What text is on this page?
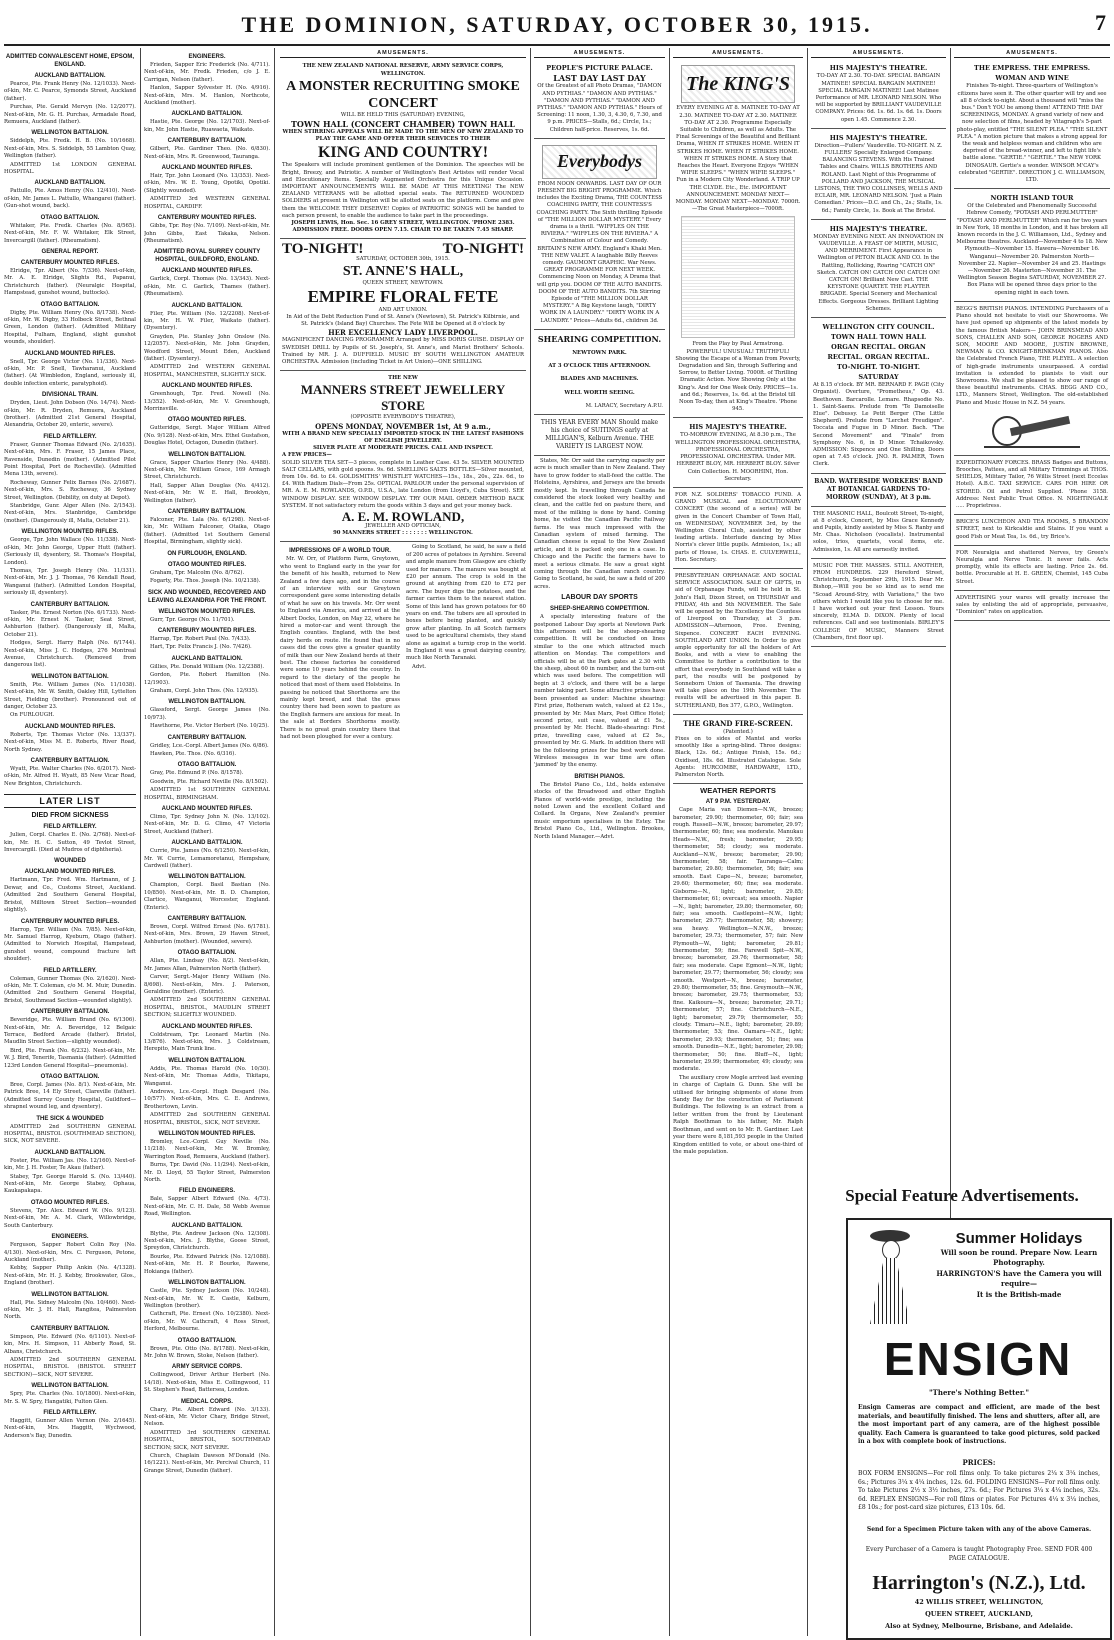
THE DOMINION, SATURDAY, OCTOBER 30, 1915.	7
ADMITTED CONVALESCENT HOME, EPSOM, ENGLAND.
AUCKLAND BATTALION.

Pearce, Pte. Frank Henry (No. 12/1033). Next-of-kin, Mr. C. Pearce, Symonds Street, Auckland (father).

Purchas, Pte. Gerald Mervyn (No. 12/2077). Next-of-kin, Mr. G. H. Purchas, Armadale Road, Remuera, Auckland (father).

WELLINGTON BATTALION.

Siddelph, Pte. Fredk. H. B. (No. 10/1668). Next-of-kin, Mrs. S. Siddelph, 55 Lambton Quay, Wellington (father).

ADMITTED 1st LONDON GENERAL HOSPITAL.

AUCKLAND BATTALION.

Pattullo, Pte. Amos Henry (No. 12/410). Next-of-kin, Mr. James L. Pattullo, Whangarei (father). (Gun-shot wound, back).

OTAGO BATTALION.

Whitaker, Pte. Fredk. Charles (No. 8/565). Next-of-kin, Mr. F. W. Whitaker, Elk Street, Invercargill (father). (Rheumatism).

GENERAL REPORT.
CANTERBURY MOUNTED RIFLES.

Elridge, Tpr. Albert (No. 7/336). Next-of-kin, Mr. A. E. Elridge, Slights Rd., Papanui, Christchurch (father). (Neuralgic Hospital, Hampstead, gunshot wound, buttocks).

OTAGO BATTALION.

Digby, Pte. William Henry (No. 8/1738). Next-of-kin, Mr. W. Digby, 33 Holbeck Street, Bethnal Green, London (father). (Admitted Military Hospital, Fulham, England, slight gunshot wounds, shoulder).

AUCKLAND MOUNTED RIFLES.

Snell, Tpr. George Victor (No. 11/336). Next-of-kin, Mr. P. Snell, Tawharanui, Auckland (father). (At Wimbledon, England, seriously ill, double infection enteric, paratyphoid).

DIVISIONAL TRAIN.

Dryden, Lieut. John Dobson (No. 14/74). Next-of-kin, Mr. R. Dryden, Remuera, Auckland (brother). (Admitted 21st General Hospital, Alexandria, October 20, enteric, severe).

FIELD ARTILLERY.

Fraser, Gunner Thomas Edward (No. 2/1635). Next-of-kin, Mrs. F. Fraser, 15 James Place, Ravenside, Dunedin (mother). (Admitted Pilot Point Hospital, Port de Rocheville). (Admitted Mena 13th, severe).

Rocheway, Gunner Felix Barnes (No. 2/1687). Next-of-kin, Mrs. S. Rocheway, 36 Sydney Street, Wellington. (Debility, on duty at Depot).

Stanbridge, Gunr. Alger Allen (No. 2/1543). Next-of-kin, Mrs. Stanbridge, Cambridge (mother). (Dangerously ill, Malta, October 21).

WELLINGTON MOUNTED RIFLES.

George, Tpr. John Wallace (No. 11/338). Next-of-kin, Mr. John George, Upper Hutt (father). (Seriously ill, dysentery, St. Thomas's Hospital, London).

Thomas, Tpr. Joseph Henry (No. 11/331). Next-of-kin, Mr. J. J. Thomas, 76 Kendall Road, Wanganui (father). (Admitted London Hospital, seriously ill, dysentery).

CANTERBURY BATTALION.

Tasker, Pte. Ernest Norton (No. 6/1733). Next-of-kin, Mr. Ernest N. Tasker, Seat Street, Ashburton (father). (Dangerously ill, Malta, October 21).

Hodges, Sergt. Harry Ralph (No. 6/1744). Next-of-kin, Miss J. C. Hodges, 276 Montreal Avenue, Christchurch. (Removed from dangerous list).

WELLINGTON BATTALION.

Smith, Pte. William James (No. 11/1038). Next-of-kin, Mr. W. Smith, Oakley Hill, Lyttelton Street, Fielding (brother). Pronounced out of danger, October 23.

On FURLOUGH.

AUCKLAND MOUNTED RIFLES.

Roberts, Tpr. Thomas Victor (No. 13/337). Next-of-kin, Miss M. E. Roberts, River Road, North Sydney.

CANTERBURY BATTALION.

Wyatt, Pte. Walter Charles (No. 6/2017). Next-of-kin, Mr. Alfred H. Wyatt, 85 New Vicar Road, New Brighton, Christchurch.

LATER LIST
DIED FROM SICKNESS
FIELD ARTILLERY.

Julien, Corpl. Charles E. (No. 2/768). Next-of-kin, Mr. H. C. Sutton, 49 Tevlot Street, Invercargill. (Died at Mudros of diphtheria).

WOUNDED
AUCKLAND MOUNTED RIFLES.

Hartmann, Tpr. Fred. Wm. Hartmann, of J. Dewar, and Co., Customs Street, Auckland. (Admitted 2nd Southern General Hospital, Bristol, Milltown Street Section—wounded slightly).

CANTERBURY MOUNTED RIFLES.

Harrop, Tpr. William (No. 7/85). Next-of-kin, Mr. Samuel Harrop, Kyeburn, Otago (father). (Admitted to Norwich Hospital, Hampstead, gunshot wound, compound fracture left shoulder).

FIELD ARTILLERY.

Coleman, Gunner Thomas (No. 2/1620). Next-of-kin, Mr. T. Coleman, c/o M. M. Muir, Dunedin. (Admitted 2nd Southern General Hospital, Bristol, Southmead Section—wounded slightly).

CANTERBURY BATTALION.

Beveridge, Pte. William Brand (No. 6/1306). Next-of-kin, Mr. A. Beveridge, 12 Belgaic Terrace, Bedford Arcade (father). Bristol, Maudlin Street Section—slightly wounded).

Bird, Pte. Frank (No. 6/232). Next-of-kin, Mr. W. J. Bird, Tenerife, Tasmania (father). (Admitted 123rd London General Hospital—pneumonia).

OTAGO BATTALION.

Bree, Corpl. James (No. 8/1). Next-of-kin, Mr. Patrick Bree, 14 Ely Street, Clareville (father). (Admitted Surrey County Hospital, Guildford—shrapnel wound leg, and dysentery).

THE SICK & WOUNDED

ADMITTED 2nd SOUTHERN GENERAL HOSPITAL, BRISTOL (SOUTHMEAD SECTION), SICK, NOT SEVERE.

AUCKLAND BATTALION.

Foster, Pte. William Jas. (No. 12/160). Next-of-kin, Mr. J. H. Foster, Te Akau (father).

Stabey, Tpr. George Harold S. (No. 13/440). Next-of-kin, Mr. George Stabey, Ophaua, Kaukapakapa.

OTAGO MOUNTED RIFLES.

Stevens, Tpr. Alex. Edward W. (No. 9/123). Next-of-kin, Mr. A. M. Clark, Willowbridge, South Canterbury.

ENGINEERS.

Ferguson, Sapper Robert Colin Roy (No. 4/130). Next-of-kin, Mrs. C. Ferguson, Petone, Auckland (mother).

Kebby, Sapper Philip Ankin (No. 4/1328). Next-of-kin, Mr. H. J. Kebby, Brookwater, Glos., England (brother).

WELLINGTON BATTALION.

Hall, Pte. Sidney Malcolm (No. 10/460). Next-of-kin, Mr. J. H. Hall, Rangitea, Palmerston North.

CANTERBURY BATTALION.

Simpson, Pte. Edward (No. 6/1101). Next-of-kin, Mrs. H. Simpson, 11 Abberly Road, St. Albans, Christchurch.

ADMITTED 2nd SOUTHERN GENERAL HOSPITAL, BRISTOL (BRISTOL STREET SECTION)—SICK, NOT SEVERE.

WELLINGTON BATTALION.

Spry, Pte. Charles (No. 10/1800). Next-of-kin, Mr. S. W. Spry, Hangatiki, Fulton Glen.

FIELD ARTILLERY.

Haggitt, Gunner Allen Vernon (No. 2/1645). Next-of-kin, Mrs. Haggitt, Wychwood, Anderson's Bay, Dunedin.

ENGINEERS.

Frieden, Sapper Eric Frederick (No. 4/711). Next-of-kin, Mr. Fredk. Frieden, c/o J. E. Carrigan, Nelson (father).

Hanlon, Sapper Sylvester H. (No. 4/916). Next-of-kin, Mrs. M. Hanlon, Northcote, Auckland (mother).

AUCKLAND BATTALION.

Hastie, Pte. George (No. 12/1703). Next-of-kin, Mr. John Hastie, Ruawaeta, Waikato.

CANTERBURY BATTALION.

Gilbert, Pte. Gardiner Theo. (No. 6/830). Next-of-kin, Mrs. R. Greenwood, Tauranga.

AUCKLAND MOUNTED RIFLES.

Hair, Tpr. John Leonard (No. 13/353). Next-of-kin, Mrs. W. E. Young, Opotiki, Opotiki. (Slightly wounded).

ADMITTED 3rd WESTERN GENERAL HOSPITAL, CARDIFF.

CANTERBURY MOUNTED RIFLES.

Gibbs, Tpr. Roy (No. 7/109). Next-of-kin, Mr. John Gibbs, East Takaka, Nelson. (Rheumatism).

ADMITTED ROYAL SURREY COUNTY HOSPITAL, GUILDFORD, ENGLAND.
AUCKLAND MOUNTED RIFLES.

Garlick, Corpl. Thomas (No. 13/343). Next-of-kin, Mr. C. Garlick, Thames (father). (Rheumatism).

AUCKLAND BATTALION.

Filer, Pte. William (No. 12/2208). Next-of-kin, Mr. H. W. Filer, Waikato (father). (Dysentery).

Grayden, Pte. Stanley John Onslow (No. 12/2057). Next-of-kin, Mr. John Grayden, Woodford Street, Mount Eden, Auckland (father). (Dysentery).

ADMITTED 2nd WESTERN GENERAL HOSPITAL, MANCHESTER, SLIGHTLY SICK.

AUCKLAND MOUNTED RIFLES.

Greenhough, Tpr. Fred. Nowell (No. 13/352). Next-of-kin, Mr. V. Greenhough, Morrinsville.

OTAGO MOUNTED RIFLES.

Gutteridge, Sergt. Major William Alfred (No. 9/128). Next-of-kin, Mrs. Ethel Gustafson, Douglas Hotel, Octagon, Dunedin (father).

WELLINGTON BATTALION.

Grace, Sapper Charles Henry (No. 4/488). Next-of-kin, Mr. William Grace, 169 Armagh Street, Christchurch.

Hall, Sapper Allan Douglas (No. 4/412). Next-of-kin, Mr. W. E. Hall, Brooklyn, Wellington (father).

CANTERBURY BATTALION.

Falconer, Pte. Lala (No. 6/1298). Next-of-kin, Mr. William Falconer, Otaika, Otago (father). (Admitted 1st Southern General Hospital, Birmingham, slightly sick).

ON FURLOUGH, ENGLAND.
OTAGO MOUNTED RIFLES.

Graham, Tpr. Malcolm (No. 8/762).

Fogarty, Pte. Thos. Joseph (No. 10/2138).

SICK AND WOUNDED, RECOVERED AND LEAVING ALEXANDRIA FOR THE FRONT.
WELLINGTON MOUNTED RIFLES.

Gurr, Tpr. George (No. 11/701).

CANTERBURY MOUNTED RIFLES.

Harrap, Tpr. Robert Paul (No. 7/433).

Hart, Tpr. Felix Francis J. (No. 7/426).

AUCKLAND BATTALION.

Gillies, Pte. Donald William (No. 12/2388).

Gordon, Pte. Robert Hamilton (No. 12/1903).

Graham, Corpl. John Thos. (No. 12/935).

WELLINGTON BATTALION.

Glassford, Sergt. George James (No. 10/973).

Hawthorne, Pte. Victor Herbert (No. 10/25).

CANTERBURY BATTALION.

Gridley, Lce.-Corpl. Albert James (No. 6/86).

Hawken, Pte. Thos. (No. 6/316).

OTAGO BATTALION.

Gray, Pte. Edmund P. (No. 8/1578).

Goodwin, Pte. Richard Neville (No. 8/1502).

ADMITTED 1st SOUTHERN GENERAL HOSPITAL, BIRMINGHAM.

AUCKLAND MOUNTED RIFLES.

Climo, Tpr. Sydney John N. (No. 13/102). Next-of-kin, Mr. D. G. Climo, 47 Victoria Street, Auckland (father).

AUCKLAND BATTALION.

Currie, Pte. James (No. 6/1250). Next-of-kin, Mr. W. Currie, Lemamoretanui, Hempshaw, Cardwell (father).

WELLINGTON BATTALION.

Champion, Corpl. Basil Bastian (No. 10/850). Next-of-kin, Mr. B. D. Champion, Clartice, Wanganui, Worcester, England. (Enteric).

CANTERBURY BATTALION.

Brown, Corpl. Wilfred Ernest (No. 6/1781). Next-of-kin, Mrs. Brown, 29 Haven Street, Ashburton (mother). (Wounded, severe).

OTAGO BATTALION.

Allan, Pte. Lindsay (No. 8/2). Next-of-kin, Mr. James Allan, Palmerston North (father).

Carver, Sergt.-Major Henry William (No. 8/698). Next-of-kin, Mrs. J. Paterson, Geraldine (mother). (Enteric).

ADMITTED 2nd SOUTHERN GENERAL HOSPITAL, BRISTOL, MAUDLIN STREET SECTION; SLIGHTLY WOUNDED.

AUCKLAND MOUNTED RIFLES.

Coldstream, Tpr. Leonard Martin (No. 13/876). Next-of-kin, Mrs. J. Coldstream, Herepito, Main Trunk line.

WELLINGTON BATTALION.

Addis, Pte. Thomas Harold (No. 10/30). Next-of-kin, Mr. Thomas Addis, Tikitapu, Wanganui.

Andrews, Lce.-Corpl. Hugh Desgard (No. 10/577). Next-of-kin, Mrs. C. E. Andrews, Brothertown, Levin.

ADMITTED 2nd SOUTHERN GENERAL HOSPITAL, BRISTOL, SICK, NOT SEVERE.

WELLINGTON MOUNTED RIFLES.

Bromley, Lce.-Corpl. Guy Neville (No. 11/218). Next-of-kin, Mr. W. Bromley, Warrington Road, Remuera, Auckland (father).

Burns, Tpr. David (No. 11/294). Next-of-kin, Mr. D. Lloyd, 55 Taylor Street, Palmerston North.

FIELD ENGINEERS.

Bale, Sapper Albert Edward (No. 4/73). Next-of-kin, Mr. C. H. Dale, 58 Webb Avenue Road, Wellington.

AUCKLAND BATTALION.

Blythe, Pte. Andrew Jackson (No. 12/308). Next-of-kin, Mrs. J. Blythe, Goose Street, Spreydon, Christchurch.

Bourke, Pte. Edward Patrick (No. 12/1088). Next-of-kin, Mr. H. P. Bourke, Rawene, Hokianga (father).

WELLINGTON BATTALION.

Castle, Pte. Sydney Jackson (No. 10/248). Next-of-kin, Mr. W. E. Castle, Kelburn, Wellington (brother).

Cathcraft, Pte. Ernest (No. 10/2380). Next-of-kin, Mr. W. Cathcraft, 4 Ross Street, Herford, Melbourne.

OTAGO BATTALION.

Brown, Pte. Otto (No. 8/1788). Next-of-kin, Mr. John W. Brown, Stoke, Nelson (father).

ARMY SERVICE CORPS.

Collingwood, Driver Arthur Herbert (No. 14/18). Next-of-kin, Miss E. Collingwood, 11 St. Stephen's Road, Battersea, London.

MEDICAL CORPS.

Chary, Pte. Albert Edward (No. 3/133). Next-of-kin, Mr. Victor Chary, Bridge Street, Nelson.

ADMITTED 3rd SOUTHERN GENERAL HOSPITAL, BRISTOL, SOUTHMEAD SECTION; SICK, NOT SEVERE.

Church, Chaplain Dawson M'Donald (No. 16/1221). Next-of-kin, Mr. Percival Church, 11 Grange Street, Dunedin (father).

AMUSEMENTS.
THE NEW ZEALAND NATIONAL RESERVE, ARMY SERVICE CORPS, WELLINGTON.
A MONSTER RECRUITING SMOKE CONCERT
WILL BE HELD THIS (SATURDAY) EVENING,
TOWN HALL (CONCERT CHAMBER) TOWN HALL
WHEN STIRRING APPEALS WILL BE MADE TO THE MEN OF NEW ZEALAND TO PLAY THE GAME AND OFFER THEIR SERVICES TO THEIR
KING AND COUNTRY!
The Speakers will include prominent gentlemen of the Dominion. The speeches will be Bright, Breezy, and Patriotic. A number of Wellington's Best Artistes will render Vocal and Elocutionary Items. Specially Augmented Orchestra for this Unique Occasion. IMPORTANT ANNOUNCEMENTS WILL BE MADE AT THIS MEETING! The NEW ZEALAND VETERANS will be allotted special seats. The RETURNED WOUNDED SOLDIERS at present in Wellington will be allotted seats on the platform. Come and give them the WELCOME THEY DESERVE! Copies of PATRIOTIC SONGS will be handed to each person present, to enable the audience to take part in the proceedings.
JOSEPH LEWIS, Hon. Sec. 16 GREY STREET, WELLINGTON. 'PHONE 2383.
ADMISSION FREE. DOORS OPEN 7.15. CHAIR TO BE TAKEN 7.45 SHARP.
TO-NIGHT!	TO-NIGHT!
SATURDAY, OCTOBER 30th, 1915.
ST. ANNE'S HALL,
QUEEN STREET, NEWTOWN.
EMPIRE FLORAL FETE
AND ART UNION.
In Aid of the Debt Reduction Fund of St. Anne's (Newtown), St. Patrick's Kilbirnie, and St. Patrick's (Island Bay) Churches. The Fete Will be Opened at 8 o'clock by
HER EXCELLENCY LADY LIVERPOOL.
MAGNIFICENT DANCING PROGRAMME Arranged by MISS DORIS GUISE. DISPLAY OF SWEDISH DRILL by Pupils of St. Joseph's, St. Anne's, and Marist Brothers' Schools. Trained by MR. J. A. DUFFIELD. MUSIC BY SOUTH WELLINGTON AMATEUR ORCHESTRA. Admission (including Ticket in Art Union)—ONE SHILLING.
THE NEW
MANNERS STREET JEWELLERY STORE
(OPPOSITE EVERYBODY'S THEATRE),
OPENS MONDAY, NOVEMBER 1st, At 9 a.m.,
WITH A BRAND NEW SPECIALLY IMPORTED STOCK IN THE LATEST FASHIONS OF ENGLISH JEWELLERY.
SILVER PLATE AT MODERATE PRICES. CALL AND INSPECT.
A FEW PRICES—
SOLID SILVER TEA SET—3 pieces, complete in Leather Case. 43 5s. SILVER MOUNTED SALT CELLARS, with gold spoons. 9s. 6d. SMELLING SALTS BOTTLES—Silver mounted, from 10s. 6d. to £4. GOLDSMITHS' WRISTLET WATCHES—15s., 18s., 20s., 22s. 6d., to £4. With Radium Dials—From 25s. OPTICAL PARLOUR under the personal supervision of MR. A. E. M. ROWLANDS, O.P.D., U.S.A., late London (from Lloyd's, Cuba Street). SEE WINDOW DISPLAY. SEE WINDOW DISPLAY. TRY OUR MAIL ORDER METHOD BACK SYSTEM. If not satisfactory return the goods within 3 days and get your money back.
A. E. M. ROWLAND,
JEWELLER AND OPTICIAN,
90 MANNERS STREET : : : : : : : WELLINGTON.
IMPRESSIONS OF A WORLD TOUR.

Mr. W. Orr, of Platform Farm, Greytown, who went to England early in the year for the benefit of his health, returned to New Zealand a few days ago, and in the course of an interview with our Greytown correspondent gave some interesting details of what he saw on his travels. Mr. Orr went to England via America, and arrived at the Albert Docks, London, on May 22, where he hired a motor-car and went through the English counties. England, with the best dairy herds on route. He found that in no cases did the cows give a greater quantity of milk than our New Zealand herds at their best. The cheese factories he considered were some 10 years behind the country. In regard to the dietary of the people he noticed that most of them used Holsteins. In passing he noticed that Shorthorns are the mainly kept breed, and that the grass country there had been sown to pasture as the English farmers are anxious for meat. In the sale at Borders Shorthorns mostly. There is no great grain country there that had not been ploughed for ever a century.

Going to Scotland, he said, he saw a field of 200 acres of potatoes in Ayrshire. Several and ample manure from Glasgow are chiefly used for manure. The manure was bought at £20 per annum. The crop is sold in the ground at anything from £20 to £72 per acre. The buyer digs the potatoes, and the farmer carries them to the nearest station. Some of this land has grown potatoes for 60 years on end. The tubers are all sprouted in boxes before being planted, and quickly grow after planting. In all Scotch farmers used to be agricultural chemists, they stand alone as against a turnip crop in the world. In England it was a great dairying country, much like North Taranaki.

Advt.

AMUSEMENTS.
PEOPLE'S PICTURE PALACE.
LAST DAY LAST DAY
Of the Greatest of all Photo Dramas, "DAMON AND PYTHIAS." "DAMON AND PYTHIAS." "DAMON AND PYTHIAS." "DAMON AND PYTHIAS." "DAMON AND PYTHIAS." Hours of Screening: 11 noon, 1.30, 3, 4.30, 6, 7.30, and 9 p.m. PRICES—Stalls, 6d.; Circle, 1s.; Children half-price. Reserves, 1s. 6d.
Everybodys
FROM NOON ONWARDS. LAST DAY OF OUR PRESENT BIG BRIGHT PROGRAMME. Which includes the Exciting Drama, THE COUNTESS COACHING PARTY, THE COUNTESS'S COACHING PARTY. The Sixth thrilling Episode of "THE MILLION DOLLAR MYSTERY." Every drama is a thrill. "WIFFLES ON THE RIVIERA." "WIFFLES ON THE RIVIERA." A Combination of Colour and Comedy. BRITAIN'S NEW ARMY. England's Khaki Men. THE NEW VALET. A laughable Billy Reeves comedy. GAUMONT GRAPHIC. War News. GREAT PROGRAMME FOR NEXT WEEK. Commencing Noon on Monday, A Drama that will grip you. DOOM OF THE AUTO BANDITS. DOOM OF THE AUTO BANDITS. 7th Stirring Episode of "THE MILLION DOLLAR MYSTERY." A Big Keystone laugh, "DIRTY WORK IN A LAUNDRY." "DIRTY WORK IN A LAUNDRY." Prices—Adults 6d., children 3d.
SHEARING COMPETITION.
NEWTOWN PARK.
AT 3 O'CLOCK THIS AFTERNOON.
BLADES AND MACHINES.
WELL WORTH SEEING.
M. LARACY, Secretary A.P.U.
THIS YEAR EVERY MAN Should make his choice of SUITINGS early at MILLIGAN'S, Kelburn Avenue. THE VARIETY IS LARGEST NOW.

States, Mr. Orr said the carrying capacity per acre is much smaller than in New Zealand. They have to grow fodder to stall-feed the cattle. The Holsteins, Ayrshires, and Jerseys are the breeds mostly kept. In travelling through Canada he considered the stock looked very healthy and clean, and the cattle fed on pasture there, and most of the milking is done by hand. Coming home, he visited the Canadian Pacific Railway farms. He was much impressed with the Canadian system of mixed farming. The Canadian cheese is equal to the New Zealand article, and it is packed only one in a case. In Chicago and the Pacific the farmers have to meet a serious climate. He saw a great sight coming through the Canadian ranch country. Going to Scotland, he said, he saw a field of 200 acres.

LABOUR DAY SPORTS
SHEEP-SHEARING COMPETITION.

A specially interesting feature of the postponed Labour Day sports at Newtown Park this afternoon will be the sheep-shearing competition. It will be conducted on lines similar to the one which attracted much attention on Monday. The competitors and officials will be at the Park gates at 2.30 with the sheep, about 60 in number, and the turn-out which was used before. The competition will begin at 3 o'clock, and there will be a large number taking part. Some attractive prizes have been presented as under: Machine shearing: First prize, Rotheram watch, valued at £2 15s., presented by Mr. Max Marx, Post Office Hotel; second prize, suit case, valued at £1 5s., presented by Mr. Hecht. Blade-shearing: First prize, travelling case, valued at £2 5s., presented by Mr. G. Mark. In addition there will be the following prizes for the best work done. Wireless messages in war time are often 'jammed' by the enemy.

BRITISH PIANOS.

The Bristol Piano Co., Ltd., holds extensive stocks of the Broadwood and other English Pianos of world-wide prestige, including the noted Lowen and the excellent Collard and Collard. In Organs, New Zealand's premier music emporium specialises in the Estey. The Bristol Piano Co., Ltd., Wellington. Brookes, North Island Manager.—Advt.

AMUSEMENTS.
The KING'S
EVERY EVENING AT 8. MATINEE TO-DAY AT 2.30. MATINEE TO-DAY AT 2.30. MATINEE TO-DAY AT 2.30. Programme Especially Suitable to Children, as well as Adults. The Final Screenings of the Beautiful and Brilliant Drama, WHEN IT STRIKES HOME. WHEN IT STRIKES HOME. WHEN IT STRIKES HOME. WHEN IT STRIKES HOME. A Story that Reaches the Heart. Everyone Enjoys "WHEN WIFIE SLEEPS." "WHEN WIFIE SLEEPS." Fun in a Modern City Wonderland. A TRIP UP THE CLYDE. Etc., Etc. IMPORTANT ANNOUNCEMENT. MONDAY NEXT—MONDAY. MONDAY NEXT—MONDAY. 7000ft.—The Great Masterpiece—7000ft.
From the Play by Paul Armstrong. POWERFUL! UNUSUAL! TRUTHFUL! Showing the Escape of a Woman from Poverty, Degradation and Sin, through Suffering and Sorrow, to Better Living. 7000ft. of Thrilling Dramatic Action. Now Showing Only at the King's. And for One Week Only. PRICES—1s. and 6d.; Reserves, 1s. 6d. at the Bristol till Noon To-day, then at King's Theatre. 'Phone 945.
HIS MAJESTY'S THEATRE.
TO-MORROW EVENING, At 8.30 p.m., The WELLINGTON PROFESSIONAL ORCHESTRA, PROFESSIONAL ORCHESTRA, PROFESSIONAL ORCHESTRA. Under MR. HERBERT BLOY, MR. HERBERT BLOY. Silver Coin Collection. H. MOORHINI, Hon. Secretary.
FOR N.Z. SOLDIERS' TOBACCO FUND. A GRAND MUSICAL and ELOCUTIONARY CONCERT (the second of a series) will be given in the Concert Chamber of Town Hall, on WEDNESDAY, NOVEMBER 3rd, by the Wellington Choral Club, assisted by other leading artists. Interlude dancing by Miss Norris's clever little pupils. Admission, 1s.; all parts of House, 1s. CHAS. E. CULVERWELL, Hon. Secretary.
PRESBYTERIAN ORPHANAGE AND SOCIAL SERVICE ASSOCIATION. SALE OF GIFTS, in aid of Orphanage Funds, will be held in St. John's Hall, Dixon Street, on THURSDAY and FRIDAY, 4th and 5th NOVEMBER. The Sale will be opened by the Excellency the Countess of Liverpool on Thursday, at 3 p.m. ADMISSION—Afternoon, Free. Evening, Sixpence. CONCERT EACH EVENING. SOUTHLAND ART UNION. In Order to give ample opportunity for all the holders of Art Books, and with a view to enabling the Committee to further a contribution to the effort that everybody in Southland will take a part, the results will be postponed by Sonneborn Union of Tasmania. The drawing will take place on the 19th November. The results will be advertised in this paper. B. SUTHERLAND, Box 377, G.P.O., Wellington.
THE GRAND FIRE-SCREEN.
(Patented.)
Fixes on to sides of Mantel and works smoothly like a spring-blind. Three designs: Black, 12s. 6d.; Antique Finish, 15s. 6d.; Oxidised, 18s. 6d. Illustrated Catalogue. Sole Agents: HURCOMBE, HARDWARE, LTD., Palmerston North.
WEATHER REPORTS
AT 9 P.M. YESTERDAY.

Cape Maria van Diemen—N.W., breeze; barometer, 29.90; thermometer, 60; fair; sea rough. Russell—N.W., breeze; barometer, 29.97; thermometer, 60; fine; sea moderate. Manukau Heads—N.W., fresh; barometer, 29.95; thermometer, 58; cloudy; sea moderate. Auckland—N.W., breeze; barometer, 29.90; thermometer, 58; fair. Tauranga—Calm; barometer, 29.80; thermometer, 56; fair; sea smooth. East Cape—N., breeze; barometer, 29.60; thermometer, 60; fine; sea moderate. Gisborne—N., light; barometer, 29.85; thermometer, 61; overcast; sea smooth. Napier—N., light; barometer, 29.80; thermometer, 60; fair; sea smooth. Castlepoint—N.W., light; barometer, 29.77; thermometer, 58; showery; sea heavy. Wellington—N.N.W., breeze; barometer, 29.73; thermometer, 57; fair. New Plymouth—W., light; barometer, 29.81; thermometer, 59; fine. Farewell Spit—N.W., breeze; barometer, 29.76; thermometer, 58; fair; sea moderate. Cape Egmont—N.W., light; barometer, 29.77; thermometer, 56; cloudy; sea smooth. Westport—N., breeze; barometer, 29.80; thermometer, 55; fine. Greymouth—N.W., breeze; barometer, 29.75; thermometer, 53; fine. Kaikoura—N., breeze; barometer, 29.71; thermometer, 57; fine. Christchurch—N.E., light; barometer, 29.79; thermometer, 55; cloudy. Timaru—N.E., light; barometer, 29.89; thermometer, 53; fine. Oamaru—N.E., light; barometer, 29.93; thermometer, 51; fine; sea smooth. Dunedin—N.E., light; barometer, 29.98; thermometer, 50; fine. Bluff—N., light; barometer, 29.99; thermometer, 49; cloudy; sea moderate.

The auxiliary crow Mogle arrived last evening in charge of Captain G. Dunn. She will be utilised for bringing shipments of stone from Sandy Bay for the construction of Parliament Buildings. The following is an extract from a letter written from the front by Lieutenant Ralph Boothman to his father, Mr. Ralph Boothman, and sent on to Mr. R. Gardiner. Last year there were 8,181,593 people in the United Kingdom entitled to vote, or about one-third of the male population.

AMUSEMENTS.
HIS MAJESTY'S THEATRE.
TO-DAY AT 2.30. TO-DAY. SPECIAL BARGAIN MATINEE! SPECIAL BARGAIN MATINEE! SPECIAL BARGAIN MATINEE! Last Matinee Performance of MR. LEONARD NELSON. Who will be supported by BRILLIANT VAUDEVILLE COMPANY. Prices: 6d. 1s. 6d. 1s. 6d. 1s. Doors open 1.45. Commence 2.30.
HIS MAJESTY'S THEATRE.
Direction—Fullers' Vaudeville. TO-NIGHT. N. Z. FULLERS' Specially Enlarged Company. BALANCING STEVENS. With His Trained Tables and Chairs. WILLS BROTHERS AND ROLAND. Last Night of this Programme of POLLARD AND JACKSON, THE MUSICAL LISTONS, THE TWO COLLINSES, WELLS AND ECLAIR, MR. LEONARD NELSON. 'Just a Plain Comedian.' Prices—D.C. and Ch., 2s.; Stalls, 1s. 6d.; Family Circle, 1s. Book at The Bristol.
HIS MAJESTY'S THEATRE.
MONDAY EVENING NEXT. AN INNOVATION IN VAUDEVILLE. A FEAST OF MIRTH, MUSIC, AND MERRIMENT. First Appearance in Wellington of PETON BLACK AND CO. In the Rattling, Rollicking, Roaring "CATCH ON" Sketch. CATCH ON! CATCH ON! CATCH ON! CATCH ON! Brilliant New Cast. THE KEYSTONE QUARTET. THE FLAYTER BRIGADE. Special Scenery and Mechanical Effects. Gorgeous Dresses. Brilliant Lighting Schemes.
WELLINGTON CITY COUNCIL.
TOWN HALL TOWN HALL
ORGAN RECITAL. ORGAN RECITAL. ORGAN RECITAL.
TO-NIGHT. TO-NIGHT.
SATURDAY
At 8.15 o'clock. BY MR. BERNARD F. PAGE (City Organist). Overture, "Prometheus," Op. 43. Beethoven. Barcarolle. Lemare. Rhapsodie No. 1. Saint-Saens. Prelude from "Te Damoiselle Elue". Debussy. Le Petit Berger (The Little Shepherd). Prelude from "Lerchet Freudigen". Toccata and Fugue in D Minor. Bach. "The Second Movement" and "Finale" from Symphony No. 6, in D Minor. Tchaikovsky. ADMISSION: Sixpence and One Shilling. Doors open at 7.45 o'clock. JNO. R. PALMER, Town Clerk.
BAND. WATERSIDE WORKERS' BAND AT BOTANICAL GARDENS TO-MORROW (SUNDAY), At 3 p.m.
THE MASONIC HALL, Boulcott Street, To-night, at 8 o'clock, Concert, by Miss Grace Kennedy and Pupils, kindly assisted by Miss S. Ranby and Mr. Chas. Nicholson (vocalists). Instrumental solos, trios, quartets, vocal items, etc. Admission, 1s. All are earnestly invited.
MUSIC FOR THE MASSES. STILL ANOTHER, FROM HUNDREDS. 229 Hereford Street, Christchurch, September 29th, 1915. Dear Mr. Bishop,—Will you be so kind as to send me "Scoad Around-Stry, with Variations," the two others which I would like you to choose for me. I have worked out your first Lesson. Yours sincerely, ELMA D. DIXON. Plenty of local references. Call and see testimonials. BIRLEY'S COLLEGE OF MUSIC, Manners Street (Chambers, first floor up).
AMUSEMENTS.
THE EMPRESS. THE EMPRESS.
WOMAN AND WINE
Finishes To-night. Three-quarters of Wellington's citizens have seen it. The other quarter will try and see all 8 o'clock to-night. About a thousand will "miss the bus." Don't YOU be among them! ATTEND THE DAY SCREENINGS, MONDAY. A grand variety of new and now selection of films, headed by Vitagraph's 5-part photo-play, entitled "THE SILENT PLEA." "THE SILENT PLEA." A motion picture that makes a strong appeal for the weak and helpless woman and children who are deprived of the bread-winner, and left to fight life's battle alone. "GERTIE." "GERTIE." The NEW YORK DINOSAUR. Gertie's a wonder. WINSOR M'CAY's celebrated "GERTIE". DIRECTION J. C. WILLIAMSON, LTD.
NORTH ISLAND TOUR
Of the Celebrated and Phenomenally Successful Hebrew Comedy, "POTASH AND PERLMUTTER" "POTASH AND PERLMUTTER" Which ran for two years in New York, 18 months in London, and it has broken all known records in the J. C. Williamson, Ltd., Sydney and Melbourne theatres. Auckland—November 4 to 18. New Plymouth—November 15. Hawera—November 16. Wanganui—November 20. Palmerston North—November 22. Napier—November 24 and 25. Hastings—November 26. Masterton—November 31. The Wellington Season Begins SATURDAY, NOVEMBER 27. Box Plans will be opened three days prior to the opening night in each town.
BEGG'S BRITISH PIANOS. INTENDING Purchasers of a Piano should not hesitate to visit our Showrooms. We have just opened up shipments of the latest models by the famous British Makers— JOHN BRINSMEAD AND SONS, CHALLEN AND SON, GEORGE ROGERS AND SON, MOORE AND MOORE, JUSTIN BROWNE, NEWMAN & CO. KNIGHT-BRINKMAN PIANOS. Also the Celebrated French Piano, THE PLEYEL. A selection of high-grade instruments unsurpassed. A cordial invitation is extended to pianists to visit our Showrooms. We shall be pleased to show our range of these beautiful instruments. CHAS. BEGG AND CO., LTD., Manners Street, Wellington. The old-established Piano and Music House in N.Z. 54 years.
EXPEDITIONARY FORCES. BRASS Badges and Buttons, Brooches, Pattees, and all Military Trimmings at THOS. SHIELDS, Military Tailor, 76 Willis Street (next Eccelas Hotel). A.B.C. TAXI SERVICE. CARS FOR HIRE OR STORED. Oil and Petrol Supplied. 'Phone 3158. Address: Next Public Trust Office. N. NIGHTINGALE ..... Proprietress.
BRICE'S LUNCHEON AND TEA ROOMS, 5 BRANDON STREET, next to Kirkcaldie and Stains. If you want a good Fish or Meat Tea, 1s. 6d., try Brice's.
FOR Neuralgia and shattered Nerves, try Green's Neuralgia and Nerve Tonic. It never fails. Acts promptly, while its effects are lasting. Price 2s. 6d. bottle. Procurable at H. E. GREEN, Chemist, 145 Cuba Street.
ADVERTISING your wares will greatly increase the sales by enlisting the aid of appropriate, persuasive, "Dominion" rates on application.
Special Feature Advertisements.
Summer Holidays
Will soon be round. Prepare Now. Learn Photography.
HARRINGTON'S have the Camera you will require—
It is the British-made
ENSIGN
"There's Nothing Better."
Ensign Cameras are compact and efficient, are made of the best materials, and beautifully finished. The lens and shutters, after all, are the most important part of any camera, are of the highest possible quality. Each Camera is guaranteed to take good pictures, sold packed in a box with complete book of instructions.
PRICES:
BOX FORM ENSIGNS—For roll films only. To take pictures 2¼ x 3¼ inches, 6s.; Pictures 3¼ x 4¼ inches, 12s. 6d. FOLDING ENSIGNS—For roll films only. To take Pictures 2½ x 3½ inches, 27s. 6d.; For Pictures 3¼ x 4¼ inches, 32s. 6d. REFLEX ENSIGNS—For roll films or plates. For Pictures 4¼ x 3¼ inches, £8 10s.; for post-card size pictures, £13 10s. 6d.
Send for a Specimen Picture taken with any of the above Cameras.
Every Purchaser of a Camera is taught Photography Free. SEND FOR 400 PAGE CATALOGUE.
Harrington's (N.Z.), Ltd.
42 WILLIS STREET, WELLINGTON,
QUEEN STREET, AUCKLAND,
Also at Sydney, Melbourne, Brisbane, and Adelaide.
